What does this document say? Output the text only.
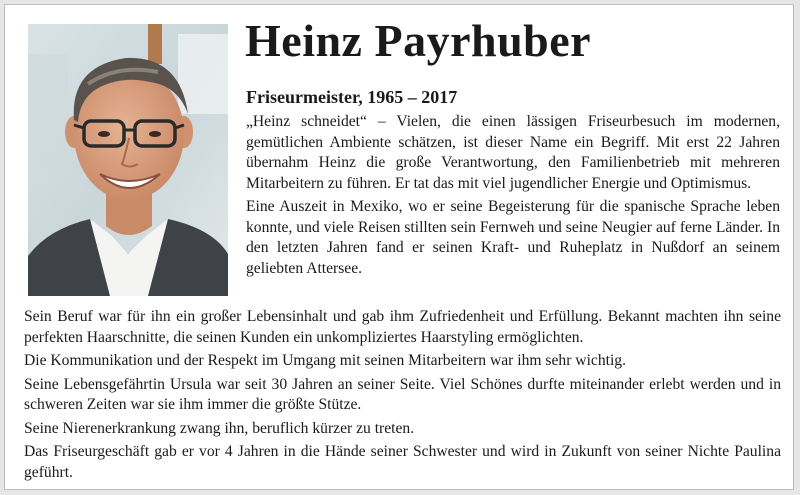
Heinz Payrhuber
Friseurmeister, 1965 – 2017

„Heinz schneidet“ – Vielen, die einen lässigen Friseurbesuch im modernen, gemütlichen Ambiente schätzen, ist dieser Name ein Begriff. Mit erst 22 Jahren übernahm Heinz die große Verantwortung, den Familienbetrieb mit mehreren Mitarbeitern zu führen. Er tat das mit viel jugendlicher Energie und Optimismus.

Eine Auszeit in Mexiko, wo er seine Begeisterung für die spanische Sprache leben konnte, und viele Reisen stillten sein Fernweh und seine Neugier auf ferne Länder. In den letzten Jahren fand er seinen Kraft- und Ruheplatz in Nußdorf an seinem geliebten Attersee.

Sein Beruf war für ihn ein großer Lebensinhalt und gab ihm Zufriedenheit und Erfüllung. Bekannt machten ihn seine perfekten Haarschnitte, die seinen Kunden ein unkompliziertes Haarstyling ermöglichten.

Die Kommunikation und der Respekt im Umgang mit seinen Mitarbeitern war ihm sehr wichtig.

Seine Lebensgefährtin Ursula war seit 30 Jahren an seiner Seite. Viel Schönes durfte miteinander erlebt werden und in schweren Zeiten war sie ihm immer die größte Stütze.

Seine Nierenerkrankung zwang ihn, beruflich kürzer zu treten.

Das Friseurgeschäft gab er vor 4 Jahren in die Hände seiner Schwester und wird in Zukunft von seiner Nichte Paulina geführt.
